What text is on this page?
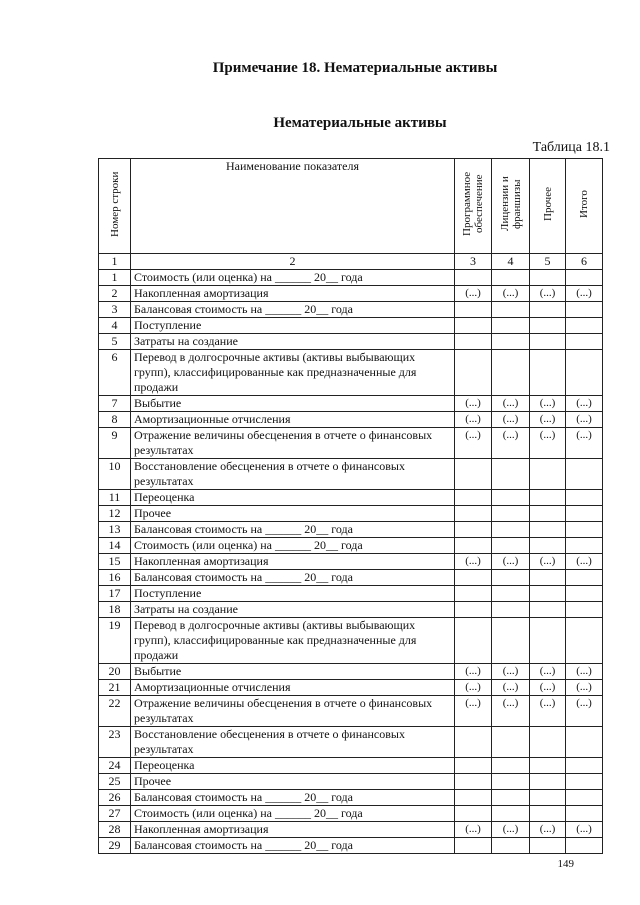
Примечание 18. Нематериальные активы
Нематериальные активы
Таблица 18.1
Номер строки	Наименование показателя	Программное обеспечение	Лицензии и франшизы	Прочее	Итого

1	2	3	4	5	6
1	Стоимость (или оценка) на ______ 20__ года				
2	Накопленная амортизация	(...)	(...)	(...)	(...)
3	Балансовая стоимость на ______ 20__ года				
4	Поступление				
5	Затраты на создание				
6	Перевод в долгосрочные активы (активы выбывающих групп), классифицированные как предназначенные для продажи				
7	Выбытие	(...)	(...)	(...)	(...)
8	Амортизационные отчисления	(...)	(...)	(...)	(...)
9	Отражение величины обесценения в отчете о финансовых результатах	(...)	(...)	(...)	(...)
10	Восстановление обесценения в отчете о финансовых результатах				
11	Переоценка				
12	Прочее				
13	Балансовая стоимость на ______ 20__ года				
14	Стоимость (или оценка) на ______ 20__ года				
15	Накопленная амортизация	(...)	(...)	(...)	(...)
16	Балансовая стоимость на ______ 20__ года				
17	Поступление				
18	Затраты на создание				
19	Перевод в долгосрочные активы (активы выбывающих групп), классифицированные как предназначенные для продажи				
20	Выбытие	(...)	(...)	(...)	(...)
21	Амортизационные отчисления	(...)	(...)	(...)	(...)
22	Отражение величины обесценения в отчете о финансовых результатах	(...)	(...)	(...)	(...)
23	Восстановление обесценения в отчете о финансовых результатах				
24	Переоценка				
25	Прочее				
26	Балансовая стоимость на ______ 20__ года				
27	Стоимость (или оценка) на ______ 20__ года				
28	Накопленная амортизация	(...)	(...)	(...)	(...)
29	Балансовая стоимость на ______ 20__ года				
149
